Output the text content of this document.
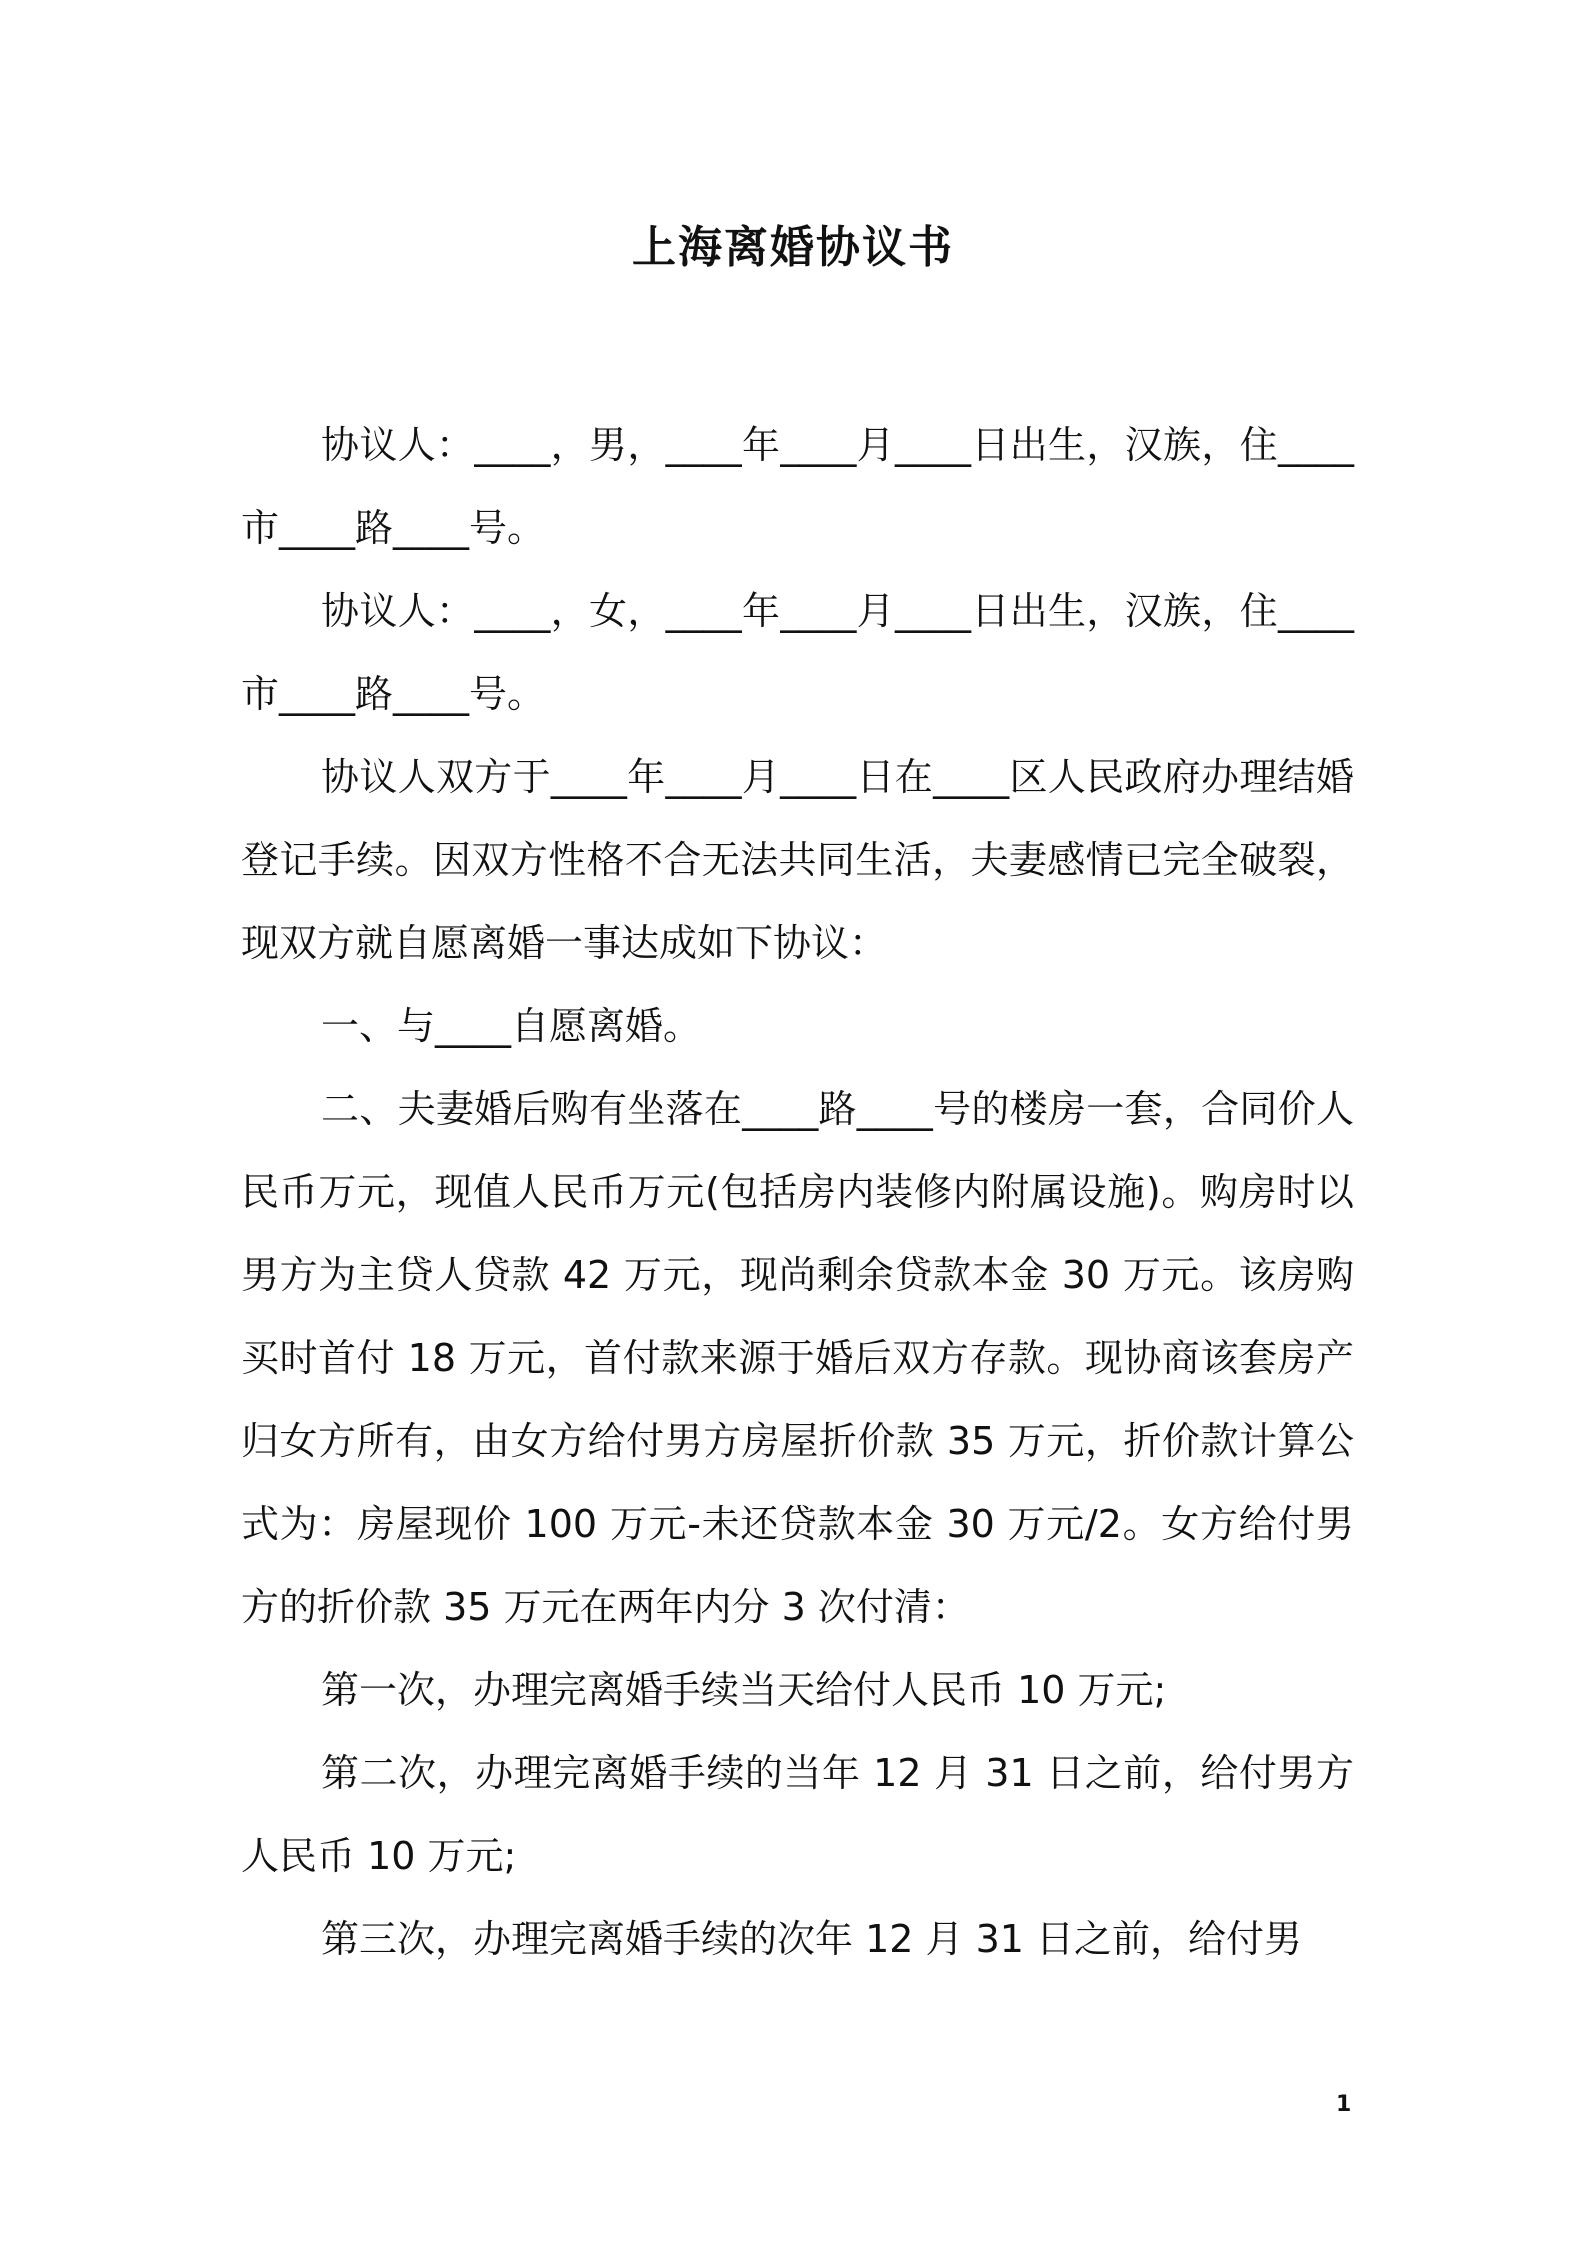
上海离婚协议书

协议人：____，男，____年____月____日出生，汉族，住____市____路____号。

协议人：____，女，____年____月____日出生，汉族，住____市____路____号。

协议人双方于____年____月____日在____区人民政府办理结婚登记手续。因双方性格不合无法共同生活，夫妻感情已完全破裂，现双方就自愿离婚一事达成如下协议：

一、与____自愿离婚。

二、夫妻婚后购有坐落在____路____号的楼房一套，合同价人民币万元，现值人民币万元(包括房内装修内附属设施)。购房时以男方为主贷人贷款 42 万元，现尚剩余贷款本金 30 万元。该房购买时首付 18 万元，首付款来源于婚后双方存款。现协商该套房产归女方所有，由女方给付男方房屋折价款 35 万元，折价款计算公式为：房屋现价 100 万元-未还贷款本金 30 万元/2。女方给付男方的折价款 35 万元在两年内分 3 次付清：

第一次，办理完离婚手续当天给付人民币 10 万元;

第二次，办理完离婚手续的当年 12 月 31 日之前，给付男方人民币 10 万元;

第三次，办理完离婚手续的次年 12 月 31 日之前，给付男

1
